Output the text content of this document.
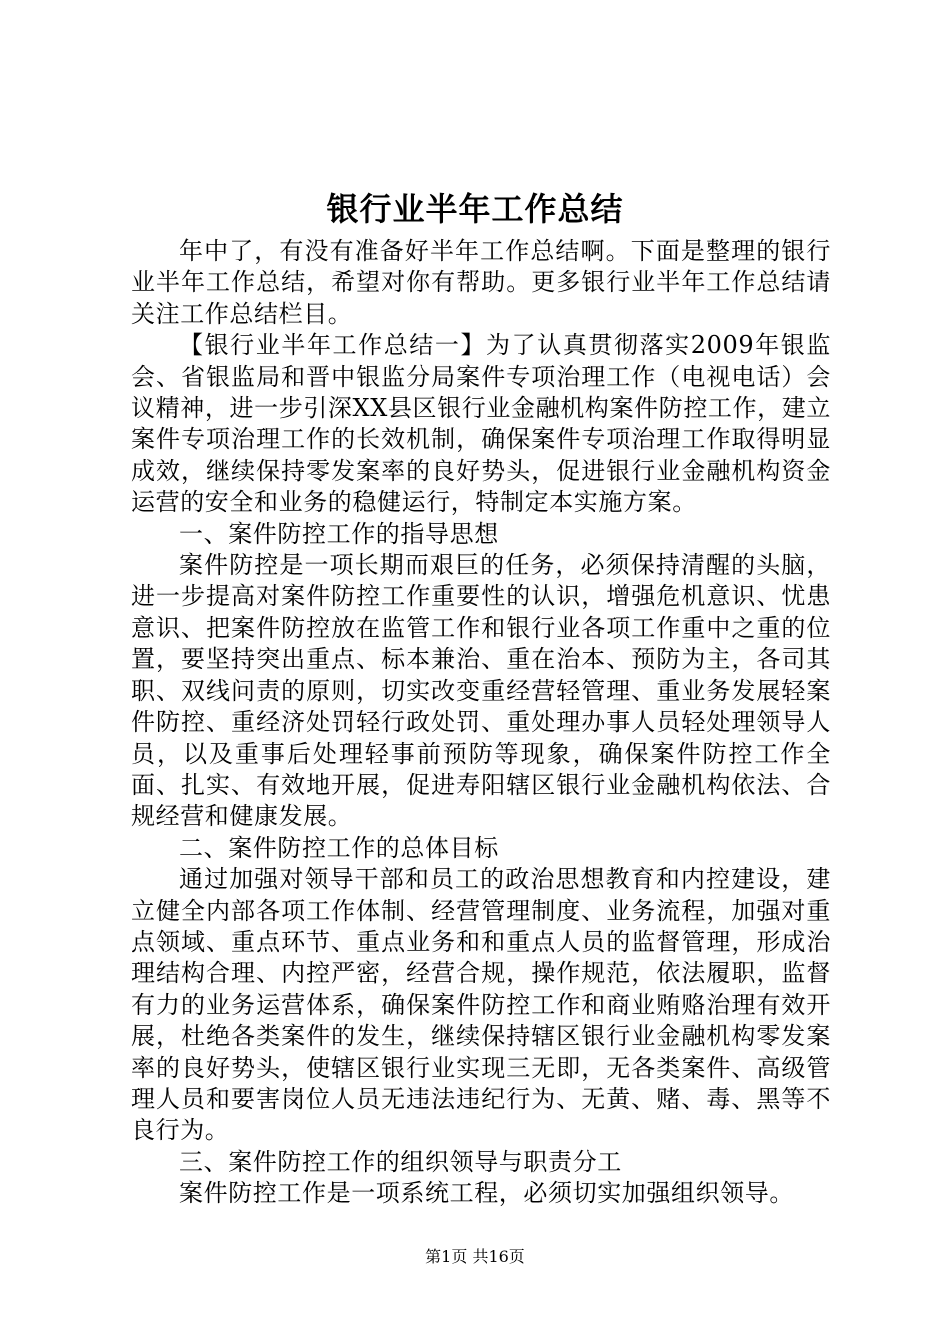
银行业半年工作总结

年中了，有没有准备好半年工作总结啊。下面是整理的银行业半年工作总结，希望对你有帮助。更多银行业半年工作总结请关注工作总结栏目。

【银行业半年工作总结一】为了认真贯彻落实2009年银监会、省银监局和晋中银监分局案件专项治理工作（电视电话）会议精神，进一步引深XX县区银行业金融机构案件防控工作，建立案件专项治理工作的长效机制，确保案件专项治理工作取得明显成效，继续保持零发案率的良好势头，促进银行业金融机构资金运营的安全和业务的稳健运行，特制定本实施方案。

一、案件防控工作的指导思想

案件防控是一项长期而艰巨的任务，必须保持清醒的头脑，进一步提高对案件防控工作重要性的认识，增强危机意识、忧患意识、把案件防控放在监管工作和银行业各项工作重中之重的位置，要坚持突出重点、标本兼治、重在治本、预防为主，各司其职、双线问责的原则，切实改变重经营轻管理、重业务发展轻案件防控、重经济处罚轻行政处罚、重处理办事人员轻处理领导人员，以及重事后处理轻事前预防等现象，确保案件防控工作全面、扎实、有效地开展，促进寿阳辖区银行业金融机构依法、合规经营和健康发展。

二、案件防控工作的总体目标

通过加强对领导干部和员工的政治思想教育和内控建设，建立健全内部各项工作体制、经营管理制度、业务流程，加强对重点领域、重点环节、重点业务和和重点人员的监督管理，形成治理结构合理、内控严密，经营合规，操作规范，依法履职，监督有力的业务运营体系，确保案件防控工作和商业贿赂治理有效开展，杜绝各类案件的发生，继续保持辖区银行业金融机构零发案率的良好势头，使辖区银行业实现三无即，无各类案件、高级管理人员和要害岗位人员无违法违纪行为、无黄、赌、毒、黑等不良行为。

三、案件防控工作的组织领导与职责分工

案件防控工作是一项系统工程，必须切实加强组织领导。

第1页 共16页
